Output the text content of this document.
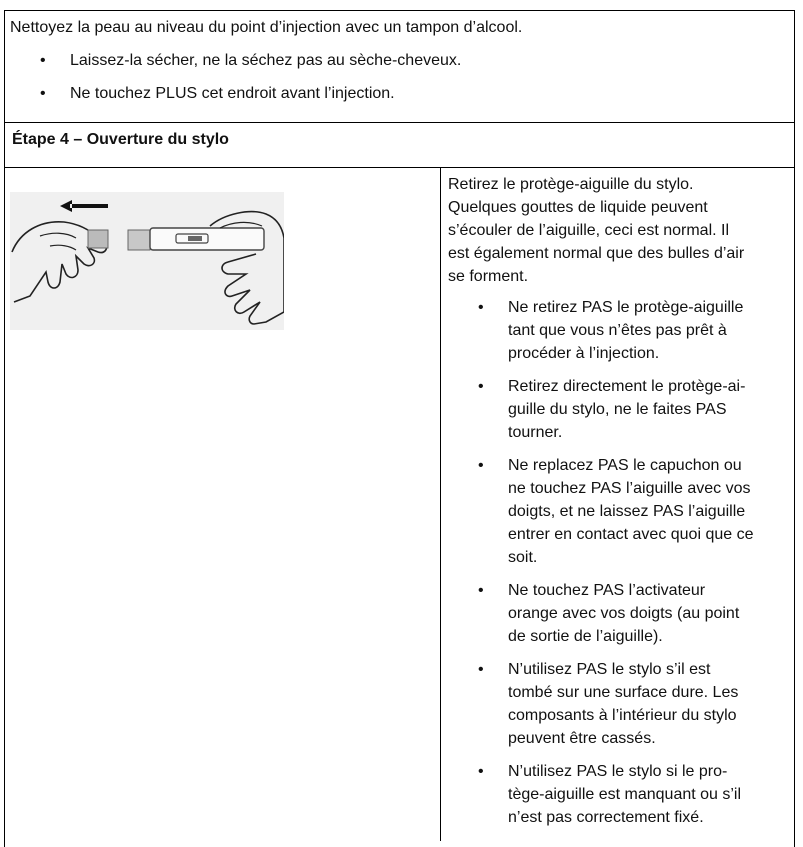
Nettoyez la peau au niveau du point d’injection avec un tampon d’alcool.
• Laissez-la sécher, ne la séchez pas au sèche-cheveux.
• Ne touchez PLUS cet endroit avant l’injection.
Étape 4 – Ouverture du stylo
Retirez le protège-aiguille du stylo.
Quelques gouttes de liquide peuvent
s’écouler de l’aiguille, ceci est normal. Il
est également normal que des bulles d’air
se forment.
• Ne retirez PAS le protège-aiguille
tant que vous n’êtes pas prêt à
procéder à l’injection.
• Retirez directement le protège-ai-
guille du stylo, ne le faites PAS
tourner.
• Ne replacez PAS le capuchon ou
ne touchez PAS l’aiguille avec vos
doigts, et ne laissez PAS l’aiguille
entrer en contact avec quoi que ce
soit.
• Ne touchez PAS l’activateur
orange avec vos doigts (au point
de sortie de l’aiguille).
• N’utilisez PAS le stylo s’il est
tombé sur une surface dure. Les
composants à l’intérieur du stylo
peuvent être cassés.
• N’utilisez PAS le stylo si le pro-
tège-aiguille est manquant ou s’il
n’est pas correctement fixé.
